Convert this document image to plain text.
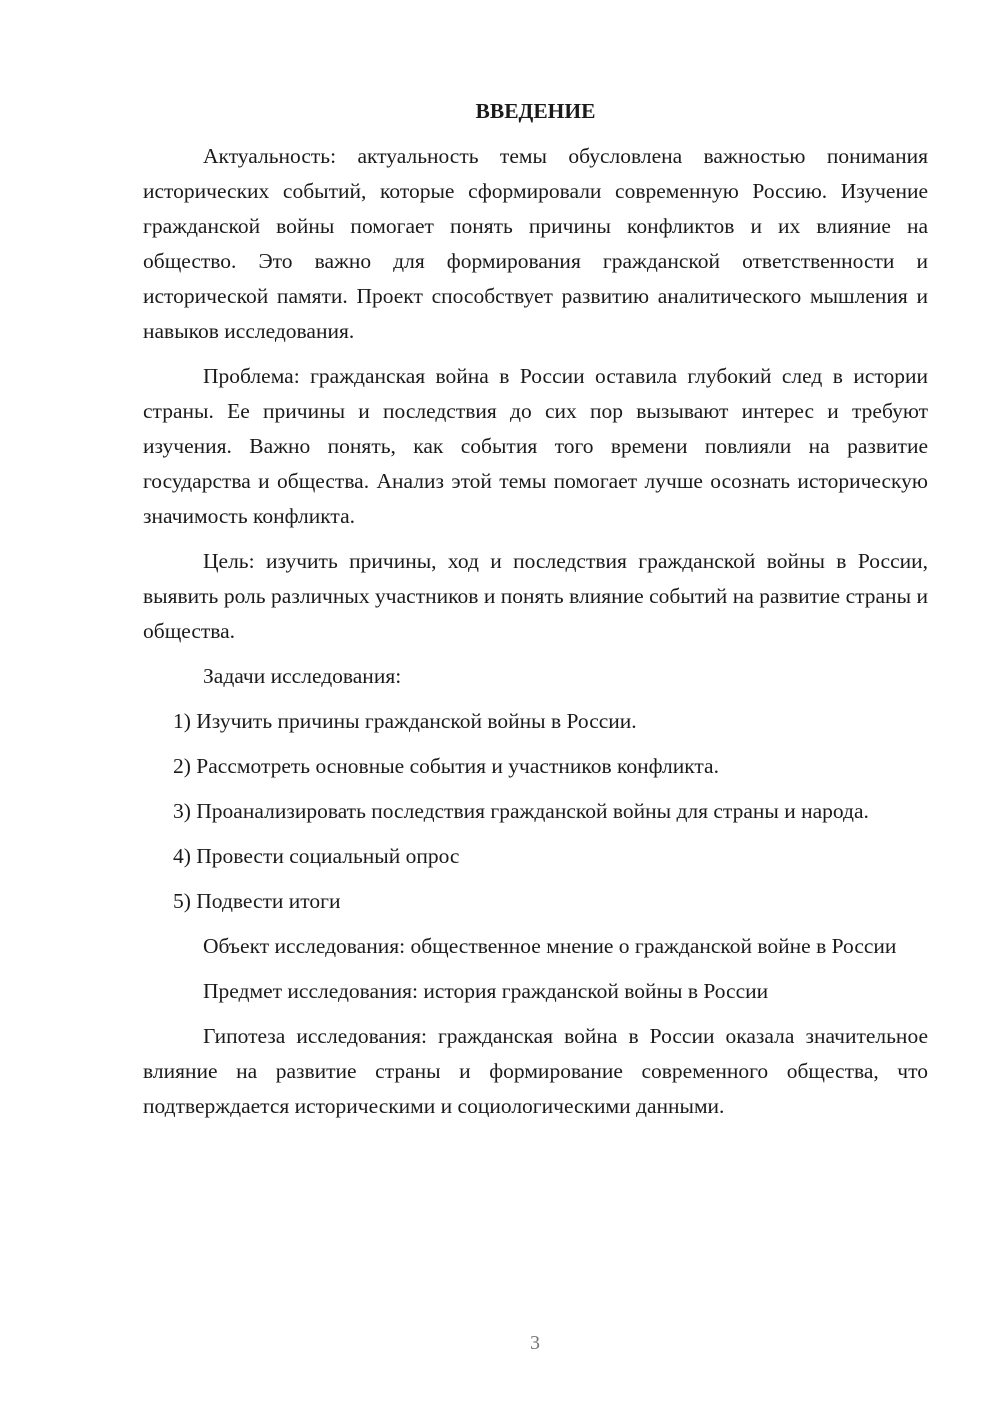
ВВЕДЕНИЕ

Актуальность: актуальность темы обусловлена важностью понимания исторических событий, которые сформировали современную Россию. Изучение гражданской войны помогает понять причины конфликтов и их влияние на общество. Это важно для формирования гражданской ответственности и исторической памяти. Проект способствует развитию аналитического мышления и навыков исследования.

Проблема: гражданская война в России оставила глубокий след в истории страны. Ее причины и последствия до сих пор вызывают интерес и требуют изучения. Важно понять, как события того времени повлияли на развитие государства и общества. Анализ этой темы помогает лучше осознать историческую значимость конфликта.

Цель: изучить причины, ход и последствия гражданской войны в России, выявить роль различных участников и понять влияние событий на развитие страны и общества.

Задачи исследования:

1) Изучить причины гражданской войны в России.

2) Рассмотреть основные события и участников конфликта.

3) Проанализировать последствия гражданской войны для страны и народа.

4) Провести социальный опрос

5) Подвести итоги

Объект исследования: общественное мнение о гражданской войне в России

Предмет исследования: история гражданской войны в России

Гипотеза исследования: гражданская война в России оказала значительное влияние на развитие страны и формирование современного общества, что подтверждается историческими и социологическими данными.

3
